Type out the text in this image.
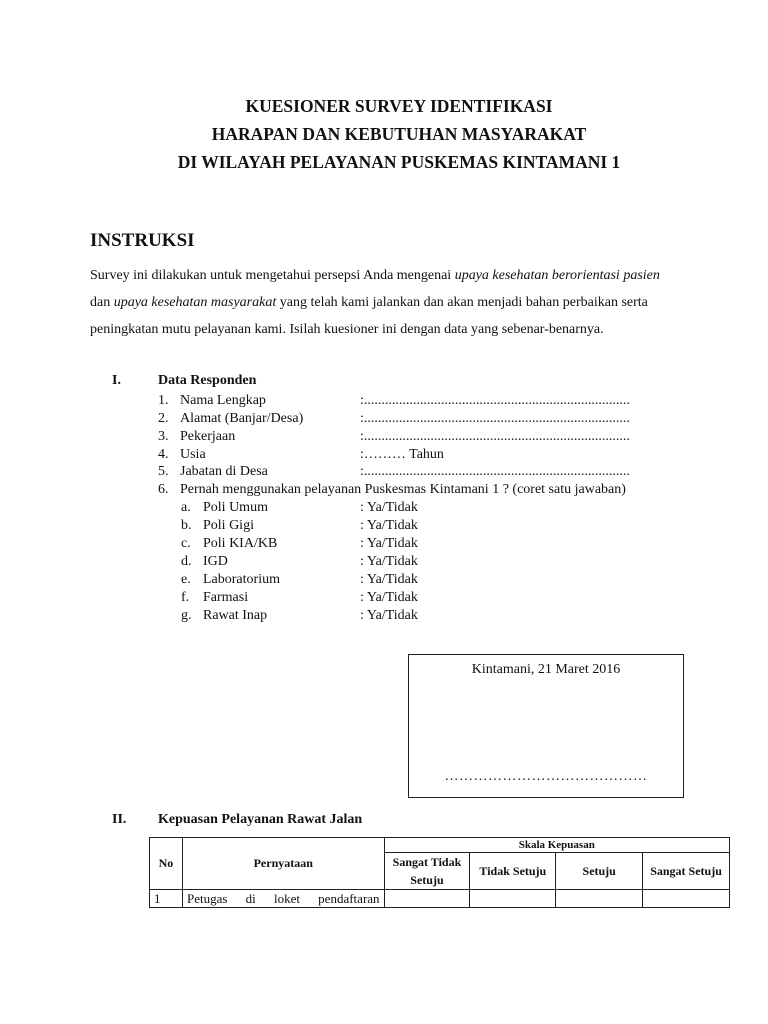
KUESIONER SURVEY IDENTIFIKASI
HARAPAN DAN KEBUTUHAN MASYARAKAT
DI WILAYAH PELAYANAN PUSKEMAS KINTAMANI 1
INSTRUKSI

Survey ini dilakukan untuk mengetahui persepsi Anda mengenai upaya kesehatan berorientasi pasien

dan upaya kesehatan masyarakat yang telah kami jalankan dan akan menjadi bahan perbaikan serta

peningkatan mutu pelayanan kami. Isilah kuesioner ini dengan data yang sebenar-benarnya.

I.	Data Responden
1. Nama Lengkap	:............................................................................
2. Alamat (Banjar/Desa)	:............................................................................
3. Pekerjaan	:............................................................................
4. Usia	:……… Tahun
5. Jabatan di Desa	:............................................................................
6. Pernah menggunakan pelayanan Puskesmas Kintamani 1 ? (coret satu jawaban)
a. Poli Umum	: Ya/Tidak
b. Poli Gigi	: Ya/Tidak
c. Poli KIA/KB	: Ya/Tidak
d. IGD	: Ya/Tidak
e. Laboratorium	: Ya/Tidak
f. Farmasi	: Ya/Tidak
g. Rawat Inap	: Ya/Tidak
Kintamani, 21 Maret 2016
……………………………………
II. Kepuasan Pelayanan Rawat Jalan
No	Pernyataan	Skala Kepuasan			
		Sangat Tidak Setuju	Tidak Setuju	Setuju	Sangat Setuju
1	Petugas di loket pendaftaran				
